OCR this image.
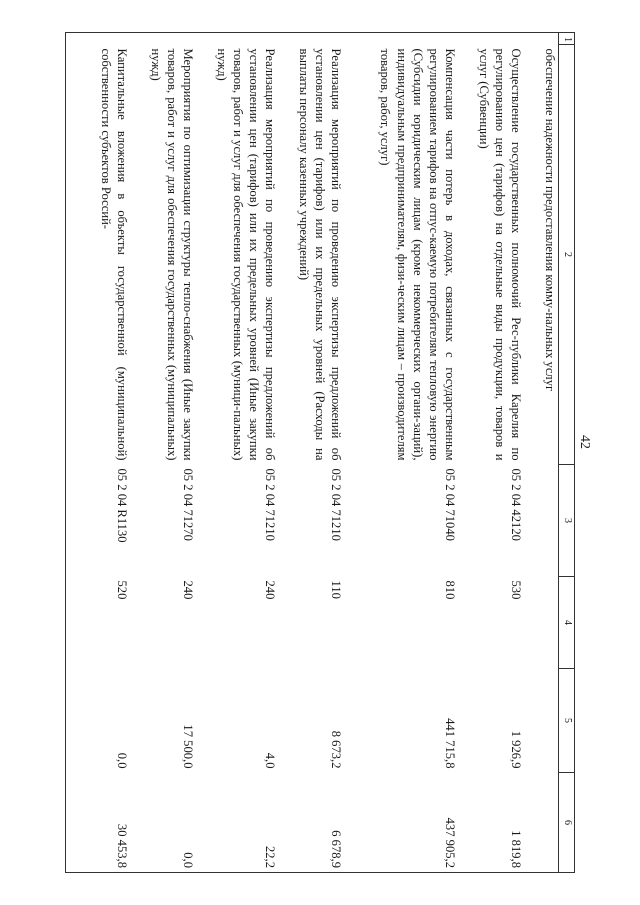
42
1	2	3	4	5	6
	обеспечение надежности предоставления комму-нальных услуг				
	Осуществление государственных полномочий Рес-публики Карелия по регулированию цен (тарифов) на отдельные виды продукции, товаров и услуг (Субвенции)	05 2 04 42120	530	1 926,9	1 819,8
	Компенсация части потерь в доходах, связанных с государственным регулированием тарифов на отпус-каемую потребителям тепловую энергию (Субсидии юридическим лицам (кроме некоммерческих органи-заций), индивидуальным предпринимателям, физи-ческим лицам – производителям товаров, работ, услуг)	05 2 04 71040	810	441 715,8	437 905,2
	Реализация мероприятий по проведению экспертизы предложений об установлении цен (тарифов) или их предельных уровней (Расходы на выплаты персоналу казенных учреждений)	05 2 04 71210	110	8 673,2	6 678,9
	Реализация мероприятий по проведению экспертизы предложений об установлении цен (тарифов) или их предельных уровней (Иные закупки товаров, работ и услуг для обеспечения государственных (муници-пальных) нужд)	05 2 04 71210	240	4,0	22,2
	Мероприятия по оптимизации структуры тепло-снабжения (Иные закупки товаров, работ и услуг для обеспечения государственных (муниципальных) нужд)	05 2 04 71270	240	17 500,0	0,0
	Капитальные вложения в объекты государственной (муниципальной) собственности субъектов Россий-	05 2 04 R1130	520	0,0	30 453,8
